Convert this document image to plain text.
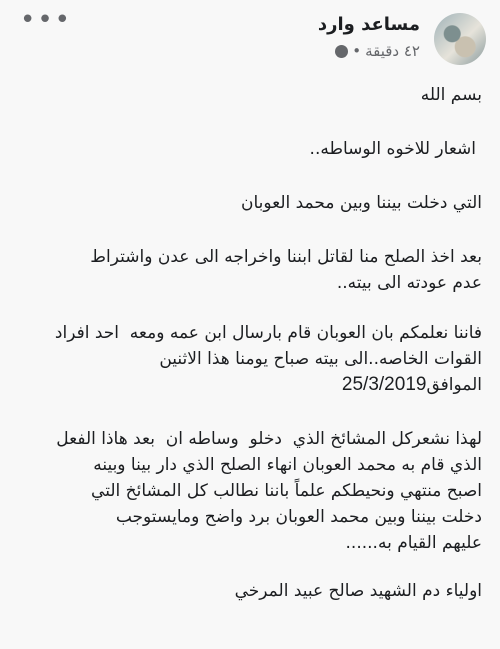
مساعد وارد
٤٢ دقيقة
•
•••

بسم الله

اشعار للاخوه الوساطه..

التي دخلت بيننا وبين محمد العوبان

بعد اخذ الصلح منا لقاتل ابننا واخراجه الى عدن واشتراط
عدم عودته الى بيته..

فاننا نعلمكم بان العوبان قام بارسال ابن عمه ومعه  احد افراد
القوات الخاصه..الى بيته صباح يومنا هذا الاثنين
الموافق25/3/2019

لهذا نشعركل المشائخ الذي  دخلو  وساطه ان  بعد هاذا الفعل
الذي قام به محمد العوبان انهاء الصلح الذي دار بينا وبينه
اصبح منتهي ونحيطكم علماً باننا نطالب كل المشائخ التي
دخلت بيننا وبين محمد العوبان برد واضح ومايستوجب
عليهم القيام به......

اولياء دم الشهيد صالح عبيد المرخي
